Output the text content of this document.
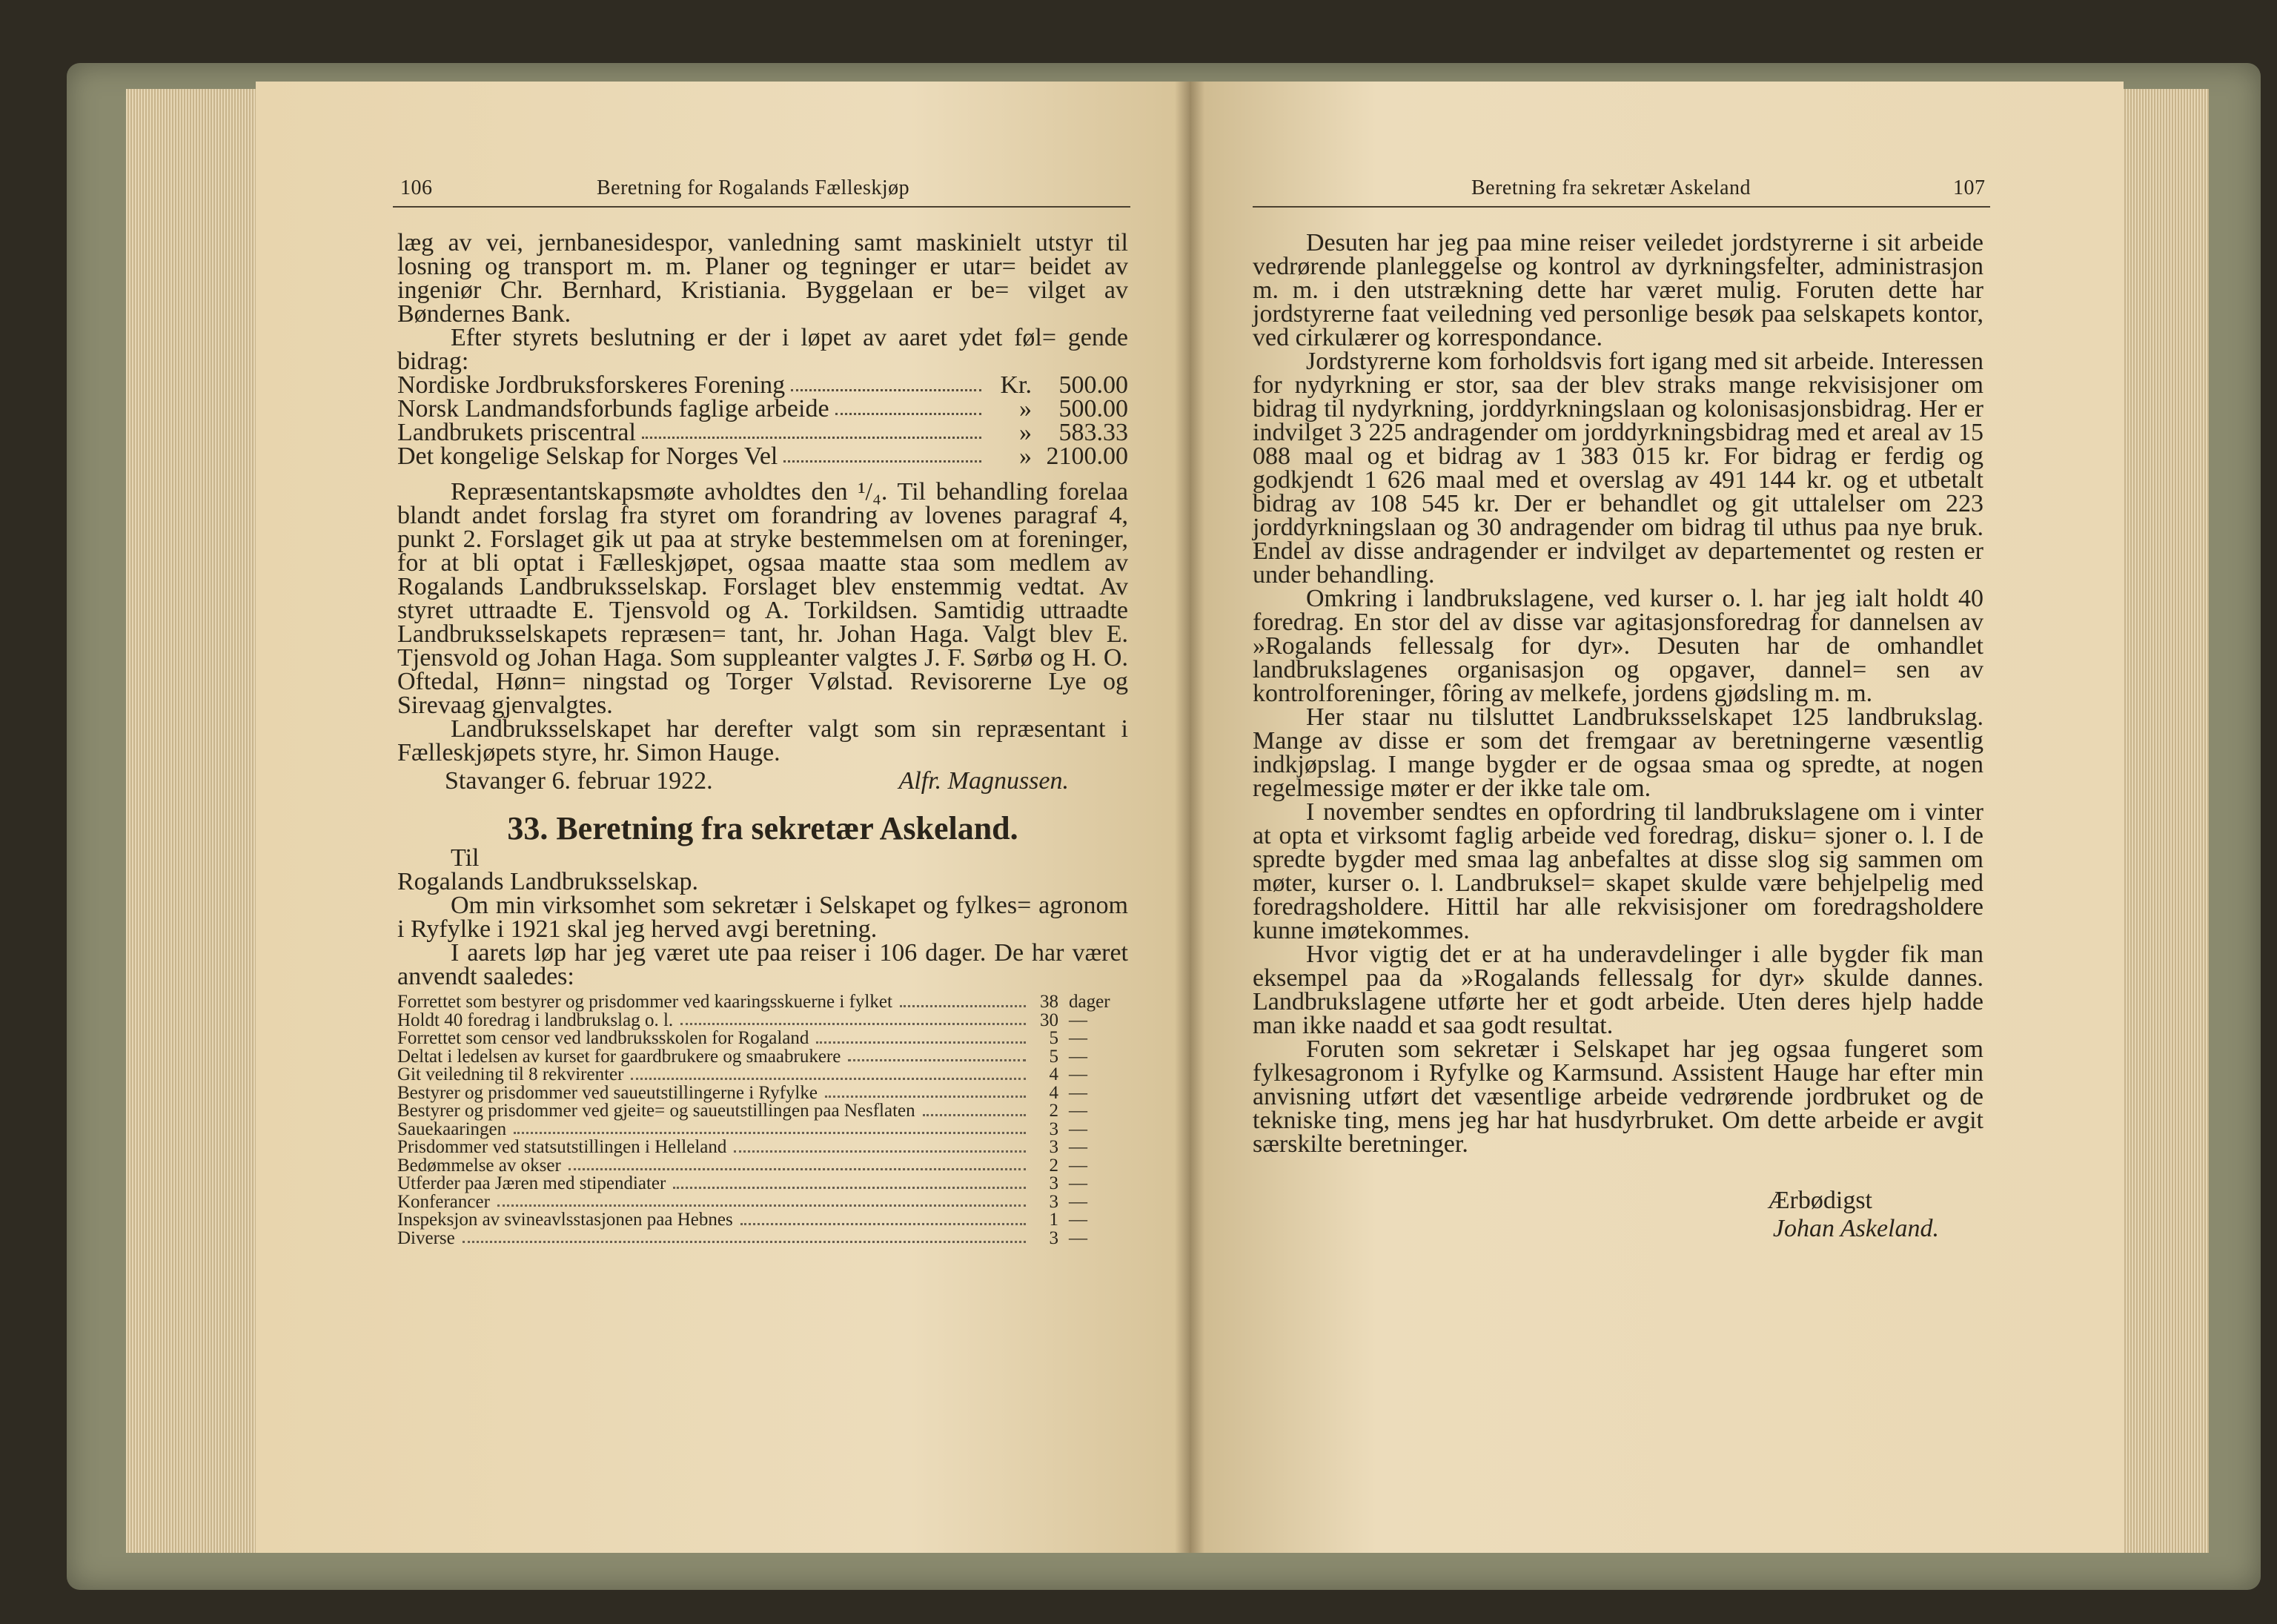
106	Beretning for Rogalands Fælleskjøp	Beretning fra sekretær Askeland	107

læg av vei, jernbanesidespor, vanledning samt maskinielt utstyr til losning og transport m. m. Planer og tegninger er utar= beidet av ingeniør Chr. Bernhard, Kristiania. Byggelaan er be= vilget av Bøndernes Bank.

Efter styrets beslutning er der i løpet av aaret ydet føl= gende bidrag:

Nordiske Jordbruksforskeres Forening	Kr.	500.00
Norsk Landmandsforbunds faglige arbeide	»	500.00
Landbrukets priscentral	»	583.33
Det kongelige Selskap for Norges Vel	» 2100.00

Repræsentantskapsmøte avholdtes den ¹/₄. Til behandling forelaa blandt andet forslag fra styret om forandring av lovenes paragraf 4, punkt 2. Forslaget gik ut paa at stryke bestemmelsen om at foreninger, for at bli optat i Fælleskjøpet, ogsaa maatte staa som medlem av Rogalands Landbruksselskap. Forslaget blev enstemmig vedtat. Av styret uttraadte E. Tjensvold og A. Torkildsen. Samtidig uttraadte Landbruksselskapets repræsen= tant, hr. Johan Haga. Valgt blev E. Tjensvold og Johan Haga. Som suppleanter valgtes J. F. Sørbø og H. O. Oftedal, Hønn= ningstad og Torger Vølstad. Revisorerne Lye og Sirevaag gjenvalgtes.

Landbruksselskapet har derefter valgt som sin repræsentant i Fælleskjøpets styre, hr. Simon Hauge.

Stavanger 6. februar 1922.	Alfr. Magnussen.
33. Beretning fra sekretær Askeland.

Til

Rogalands Landbruksselskap.

Om min virksomhet som sekretær i Selskapet og fylkes= agronom i Ryfylke i 1921 skal jeg herved avgi beretning.

I aarets løp har jeg været ute paa reiser i 106 dager. De har været anvendt saaledes:

Forrettet som bestyrer og prisdommer ved kaaringsskuerne i fylket	38 dager
Holdt 40 foredrag i landbrukslag o. l.	30 —
Forrettet som censor ved landbruksskolen for Rogaland	5 —
Deltat i ledelsen av kurset for gaardbrukere og smaabrukere	5 —
Git veiledning til 8 rekvirenter	4 —
Bestyrer og prisdommer ved saueutstillingerne i Ryfylke	4 —
Bestyrer og prisdommer ved gjeite= og saueutstillingen paa Nesflaten	2 —
Sauekaaringen	3 —
Prisdommer ved statsutstillingen i Helleland	3 —
Bedømmelse av okser	2 —
Utferder paa Jæren med stipendiater	3 —
Konferancer	3 —
Inspeksjon av svineavlsstasjonen paa Hebnes	1 —
Diverse	3 —

Desuten har jeg paa mine reiser veiledet jordstyrerne i sit arbeide vedrørende planleggelse og kontrol av dyrkningsfelter, administrasjon m. m. i den utstrækning dette har været mulig. Foruten dette har jordstyrerne faat veiledning ved personlige besøk paa selskapets kontor, ved cirkulærer og korrespondance.

Jordstyrerne kom forholdsvis fort igang med sit arbeide. Interessen for nydyrkning er stor, saa der blev straks mange rekvisisjoner om bidrag til nydyrkning, jorddyrkningslaan og kolonisasjonsbidrag. Her er indvilget 3 225 andragender om jorddyrkningsbidrag med et areal av 15 088 maal og et bidrag av 1 383 015 kr. For bidrag er ferdig og godkjendt 1 626 maal med et overslag av 491 144 kr. og et utbetalt bidrag av 108 545 kr. Der er behandlet og git uttalelser om 223 jorddyrkningslaan og 30 andragender om bidrag til uthus paa nye bruk. Endel av disse andragender er indvilget av departementet og resten er under behandling.

Omkring i landbrukslagene, ved kurser o. l. har jeg ialt holdt 40 foredrag. En stor del av disse var agitasjonsforedrag for dannelsen av »Rogalands fellessalg for dyr». Desuten har de omhandlet landbrukslagenes organisasjon og opgaver, dannel= sen av kontrolforeninger, fôring av melkefe, jordens gjødsling m. m.

Her staar nu tilsluttet Landbruksselskapet 125 landbrukslag. Mange av disse er som det fremgaar av beretningerne væsentlig indkjøpslag. I mange bygder er de ogsaa smaa og spredte, at nogen regelmessige møter er der ikke tale om.

I november sendtes en opfordring til landbrukslagene om i vinter at opta et virksomt faglig arbeide ved foredrag, disku= sjoner o. l. I de spredte bygder med smaa lag anbefaltes at disse slog sig sammen om møter, kurser o. l. Landbruksel= skapet skulde være behjelpelig med foredragsholdere. Hittil har alle rekvisisjoner om foredragsholdere kunne imøtekommes.

Hvor vigtig det er at ha underavdelinger i alle bygder fik man eksempel paa da »Rogalands fellessalg for dyr» skulde dannes. Landbrukslagene utførte her et godt arbeide. Uten deres hjelp hadde man ikke naadd et saa godt resultat.

Foruten som sekretær i Selskapet har jeg ogsaa fungeret som fylkesagronom i Ryfylke og Karmsund. Assistent Hauge har efter min anvisning utført det væsentlige arbeide vedrørende jordbruket og de tekniske ting, mens jeg har hat husdyrbruket. Om dette arbeide er avgit særskilte beretninger.

Ærbødigst
Johan Askeland.
